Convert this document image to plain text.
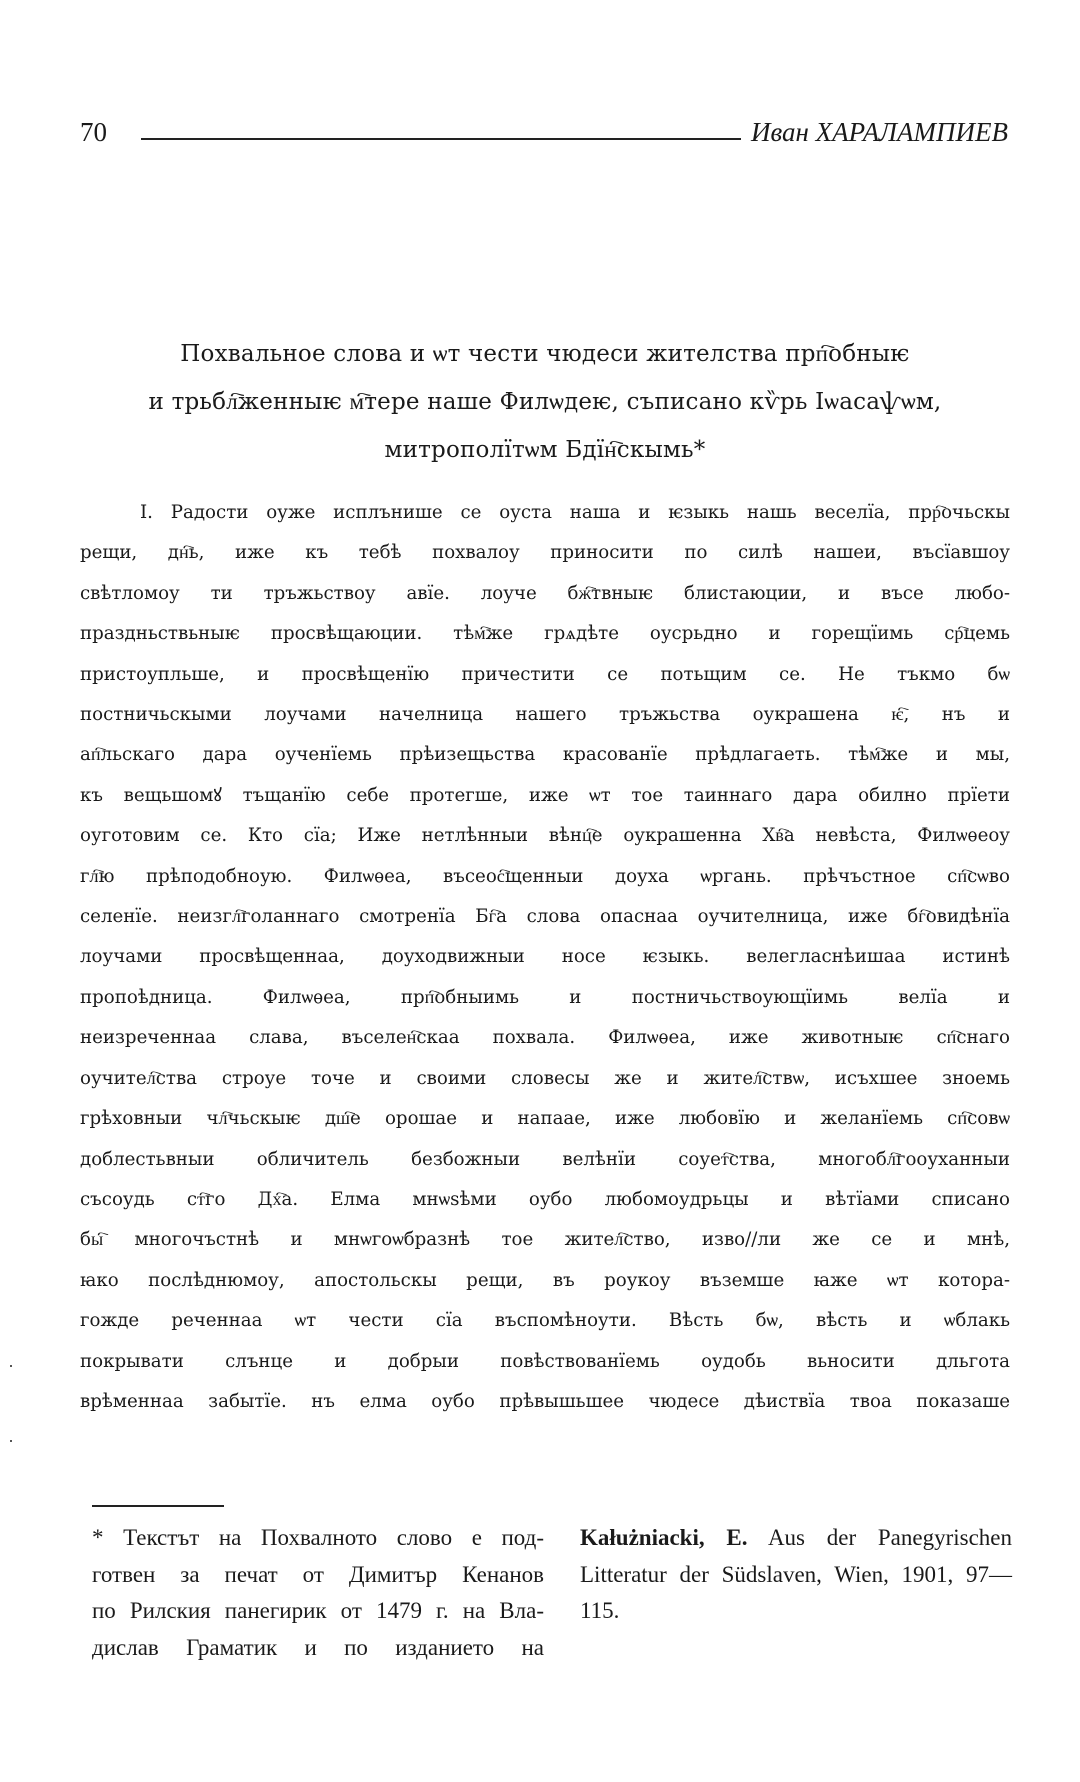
70	Иван ХАРАЛАМПИЕВ
Похвальное слова и ѡт чести чюдеси жителства прп҇обныѥ
и трьбл҇женныѥ м҇тере наше Филѡдеѥ, съписано кѷрь Ιѡасаѱѡм,
митрополїтѡм Бдїн҇скымь*
I. Радости оуже исплънише се оуста наша и ѥзыкь нашь веселїа, прр҇очьскы
рещи, дн҇ь, иже къ тебѣ похвалоу приносити по силѣ нашеи, въсїавшоу
свѣтломоу ти тръжьствоу авїе. лоуче бж҇твныѥ блистаюции, и въсе любо-
праздньствьныѥ просвѣщаюции. тѣм҇же грѧдѣте оусрьдно и горещїимь ср҇цемь
пристоупльше, и просвѣщенїю причестити се потьщим се. Не тъкмо бѡ
постничьскыми лоучами начелница нашего тръжьства оукрашена ѥ҇, нъ и
ап҇льскаго дара оученїемь прѣизещьства красованїе прѣдлагаеть. тѣм҇же и мы,
къ вещьшомꙋ тъщанїю себе протегше, иже ѡт тое таиннаго дара обилно прїети
оуготовим се. Кто сїа; Иже нетлѣнныи вѣнц҇е оукрашенна Хв҇а невѣста, Филѡѳеоу
гл҇ю прѣподобноую. Филѡѳеа, въсеос҇щенныи доуха ѡргань. прѣчъстное сп҇сѡво
селенїе. неизгл҇голаннаго смотренїа Бг҇а слова опаснаа оучителница, иже бг҇овидѣнїа
лоучами просвѣщеннаа, доуходвижныи носе ѥзыкь. велегласнѣишаа истинѣ
пропоѣдница. Филѡѳеа, прп҇обныимь и постничьствоующїимь велїа и
неизреченнаа слава, въселен҇скаа похвала. Филѡѳеа, иже животныѥ сп҇снаго
оучител҇ства строуе точе и своими словесы же и жител҇ствѡ, исъхшее зноемь
грѣховныи чл҇чьскыѥ дш҇е орошае и напаае, иже любовїю и желанїемь сп҇совѡ
доблестьвныи обличитель безбожныи велѣнїи соует҇ства, многобл҇гооуханныи
съсоудь ст҇го Дх҇а. Елма мнѡѕѣми оубо любомоудрьцы и вѣтїами списано
бы҇ многочъстнѣ и мнѡгоѡбразнѣ тое жител҇ство, изво//ли же се и мнѣ,
ꙗко послѣднюмоу, апостольскы рещи, въ роукоу въземше ꙗже ѡт котора-
гожде реченнаа ѡт чести сїа въспомѣноути. Вѣсть бѡ, вѣсть и ѡблакь
покрывати слънце и добрыи повѣствованїемь оудобь вьносити дльгота
врѣменнаа забытїе. нъ елма оубо прѣвышьшее чюдесе дѣиствїа твоа показаше
* Текстът на Похвалното слово е под-
готвен за печат от Димитър Кенанов
по Рилския панегирик от 1479 г. на Вла-
дислав Граматик и по изданието на
Kałużniacki, E. Aus der Panegyrischen
Litteratur der Südslaven, Wien, 1901, 97—
115.
